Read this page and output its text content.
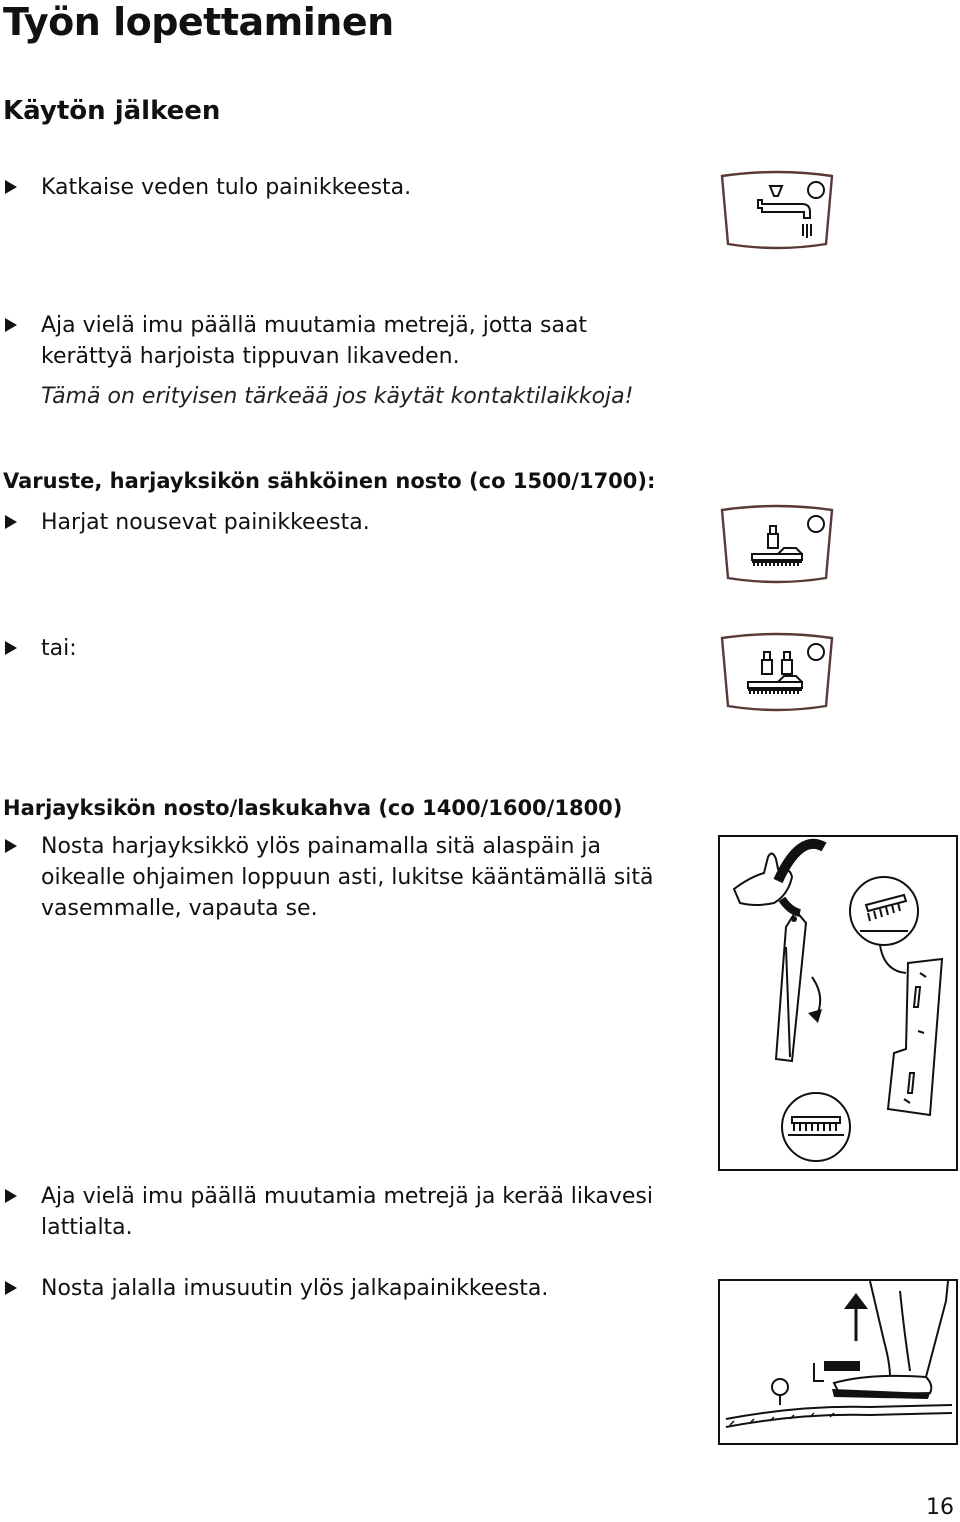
Työn lopettaminen
Käytön jälkeen
Katkaise veden tulo painikkeesta.
Aja vielä imu päällä muutamia metrejä, jotta saat
kerättyä harjoista tippuvan likaveden.
Tämä on erityisen tärkeää jos käytät kontaktilaikkoja!
Varuste, harjayksikön sähköinen nosto (co 1500/1700):
Harjat nousevat painikkeesta.
tai:
Harjayksikön nosto/laskukahva (co 1400/1600/1800)
Nosta harjayksikkö ylös painamalla sitä alaspäin ja
oikealle ohjaimen loppuun asti, lukitse kääntämällä sitä
vasemmalle, vapauta se.
Aja vielä imu päällä muutamia metrejä ja kerää likavesi
lattialta.
Nosta jalalla imusuutin ylös jalkapainikkeesta.
16
